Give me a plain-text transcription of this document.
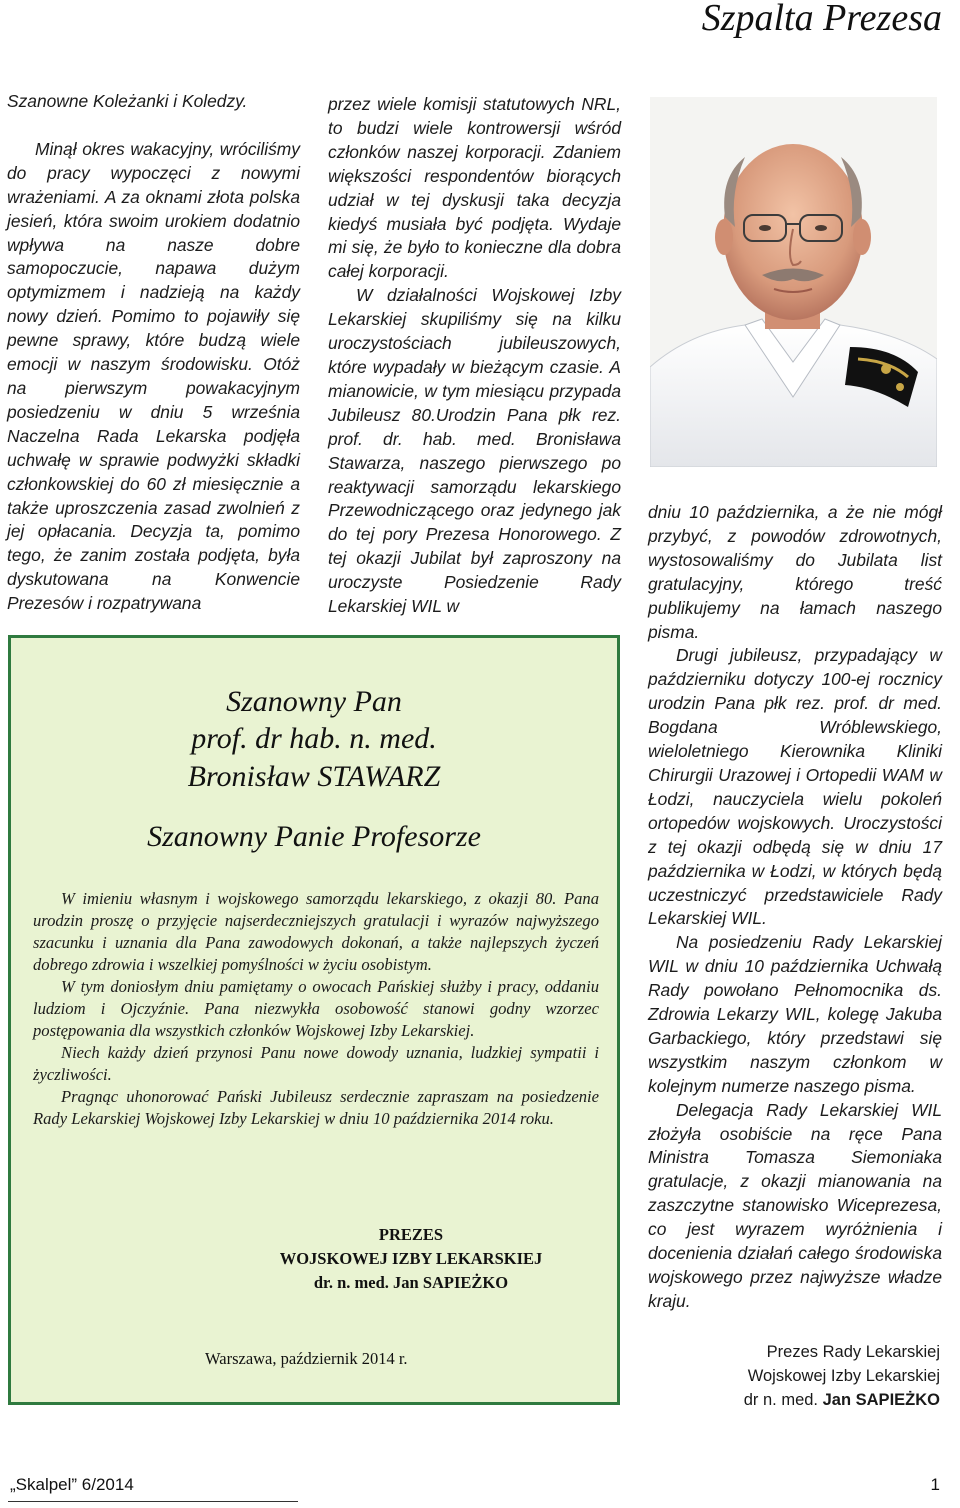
Szpalta Prezesa

Szanowne Koleżanki i Koledzy.

Minął okres wakacyjny, wróciliśmy do pracy wypoczęci z nowymi wrażeniami. A za oknami złota polska jesień, która swoim urokiem dodatnio wpływa na nasze dobre samopoczucie, napawa dużym optymizmem i nadzieją na każdy nowy dzień. Pomimo to pojawiły się pewne sprawy, które budzą wiele emocji w naszym środowisku. Otóż na pierwszym powakacyjnym posiedzeniu w dniu 5 września Naczelna Rada Lekarska podjęła uchwałę w sprawie podwyżki składki członkowskiej do 60 zł miesięcznie a także uproszczenia zasad zwolnień z jej opłacania. Decyzja ta, pomimo tego, że zanim została podjęta, była dyskutowana na Konwencie Prezesów i rozpatrywana

przez wiele komisji statutowych NRL, to budzi wiele kontrowersji wśród członków naszej korporacji. Zdaniem większości respondentów biorących udział w tej dyskusji taka decyzja kiedyś musiała być podjęta. Wydaje mi się, że było to konieczne dla dobra całej korporacji.

W działalności Wojskowej Izby Lekarskiej skupiliśmy się na kilku uroczystościach jubileuszowych, które wypadały w bieżącym czasie. A mianowicie, w tym miesiącu przypada Jubileusz 80.Urodzin Pana płk rez. prof. dr. hab. med. Bronisława Stawarza, naszego pierwszego po reaktywacji samorządu lekarskiego Przewodniczącego oraz jedynego jak do tej pory Prezesa Honorowego. Z tej okazji Jubilat był zaproszony na uroczyste Posiedzenie Rady Lekarskiej WIL w

dniu 10 października, a że nie mógł przybyć, z powodów zdrowotnych, wystosowaliśmy do Jubilata list gratulacyjny, którego treść publikujemy na łamach naszego pisma.

Drugi jubileusz, przypadający w październiku dotyczy 100-ej rocznicy urodzin Pana płk rez. prof. dr med. Bogdana Wróblewskiego, wieloletniego Kierownika Kliniki Chirurgii Urazowej i Ortopedii WAM w Łodzi, nauczyciela wielu pokoleń ortopedów wojskowych. Uroczystości z tej okazji odbędą się w dniu 17 października w Łodzi, w których będą uczestniczyć przedstawiciele Rady Lekarskiej WIL.

Na posiedzeniu Rady Lekarskiej WIL w dniu 10 października Uchwałą Rady powołano Pełnomocnika ds. Zdrowia Lekarzy WIL, kolegę Jakuba Garbackiego, który przedstawi się wszystkim naszym członkom w kolejnym numerze naszego pisma.

Delegacja Rady Lekarskiej WIL złożyła osobiście na ręce Pana Ministra Tomasza Siemoniaka gratulacje, z okazji mianowania na zaszczytne stanowisko Wiceprezesa, co jest wyrazem wyróżnienia i docenienia działań całego środowiska wojskowego przez najwyższe władze kraju.

Szanowny Pan
prof. dr hab. n. med.
Bronisław STAWARZ
Szanowny Panie Profesorze

W imieniu własnym i wojskowego samorządu lekarskiego, z okazji 80. Pana urodzin proszę o przyjęcie najserdeczniejszych gratulacji i wyrazów najwyższego szacunku i uznania dla Pana zawodowych dokonań, a także najlepszych życzeń dobrego zdrowia i wszelkiej pomyślności w życiu osobistym.

W tym doniosłym dniu pamiętamy o owocach Pańskiej służby i pracy, oddaniu ludziom i Ojczyźnie. Pana niezwykła osobowość stanowi godny wzorzec postępowania dla wszystkich członków Wojskowej Izby Lekarskiej.

Niech każdy dzień przynosi Panu nowe dowody uznania, ludzkiej sympatii i życzliwości.

Pragnąc uhonorować Pański Jubileusz serdecznie zapraszam na posiedzenie Rady Lekarskiej Wojskowej Izby Lekarskiej w dniu 10 października 2014 roku.

PREZES
WOJSKOWEJ IZBY LEKARSKIEJ
dr. n. med. Jan SAPIEŻKO
Warszawa, październik 2014 r.	Prezes Rady Lekarskiej
Wojskowej Izby Lekarskiej
dr n. med. Jan SAPIEŻKO
„Skalpel” 6/2014	1
